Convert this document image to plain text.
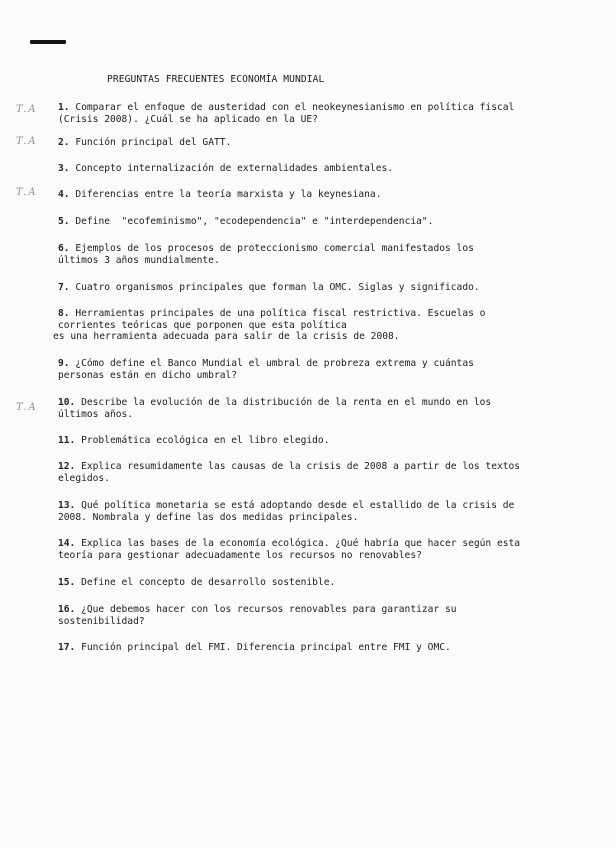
PREGUNTAS FRECUENTES ECONOMÍA MUNDIAL
T.A
T.A
T.A
T.A

1. Comparar el enfoque de austeridad con el neokeynesianismo en política fiscal

(Crisis 2008). ¿Cuál se ha aplicado en la UE?

2. Función principal del GATT.

3. Concepto internalización de externalidades ambientales.

4. Diferencias entre la teoría marxista y la keynesiana.

5. Define  "ecofeminismo", "ecodependencia" e "interdependencia".

6. Ejemplos de los procesos de proteccionismo comercial manifestados los

últimos 3 años mundialmente.

7. Cuatro organismos principales que forman la OMC. Siglas y significado.

8. Herramientas principales de una política fiscal restrictiva. Escuelas o

corrientes teóricas que porponen que esta política

es una herramienta adecuada para salir de la crisis de 2008.

9. ¿Cómo define el Banco Mundial el umbral de probreza extrema y cuántas

personas están en dicho umbral?

10. Describe la evolución de la distribución de la renta en el mundo en los

últimos años.

11. Problemática ecológica en el libro elegido.

12. Explica resumidamente las causas de la crisis de 2008 a partir de los textos

elegidos.

13. Qué política monetaria se está adoptando desde el estallido de la crisis de

2008. Nombrala y define las dos medidas principales.

14. Explica las bases de la economía ecológica. ¿Qué habría que hacer según esta

teoría para gestionar adecuadamente los recursos no renovables?

15. Define el concepto de desarrollo sostenible.

16. ¿Que debemos hacer con los recursos renovables para garantizar su

sostenibilidad?

17. Función principal del FMI. Diferencia principal entre FMI y OMC.
